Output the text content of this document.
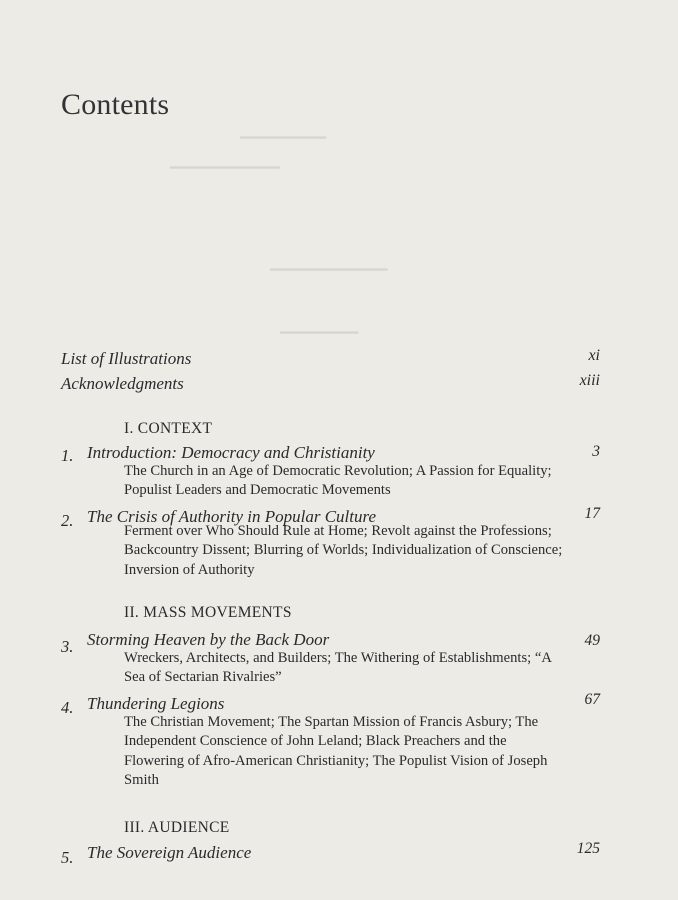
━━━━━━━━━━━
━━━━━━━━━━━━━━
━━━━━━━━━━━━━━━
━━━━━━━━━━
Contents
List of Illustrations	xi
Acknowledgments	xiii
I. CONTEXT
1. Introduction: Democracy and Christianity	3
The Church in an Age of Democratic Revolution; A Passion for Equality; Populist Leaders and Democratic Movements
2. The Crisis of Authority in Popular Culture	17
Ferment over Who Should Rule at Home; Revolt against the Professions; Backcountry Dissent; Blurring of Worlds; Individualization of Conscience; Inversion of Authority
II. MASS MOVEMENTS
3. Storming Heaven by the Back Door	49
Wreckers, Architects, and Builders; The Withering of Establishments; “A Sea of Sectarian Rivalries”
4. Thundering Legions	67
The Christian Movement; The Spartan Mission of Francis Asbury; The Independent Conscience of John Leland; Black Preachers and the Flowering of Afro-American Christianity; The Populist Vision of Joseph Smith
III. AUDIENCE
5. The Sovereign Audience	125
